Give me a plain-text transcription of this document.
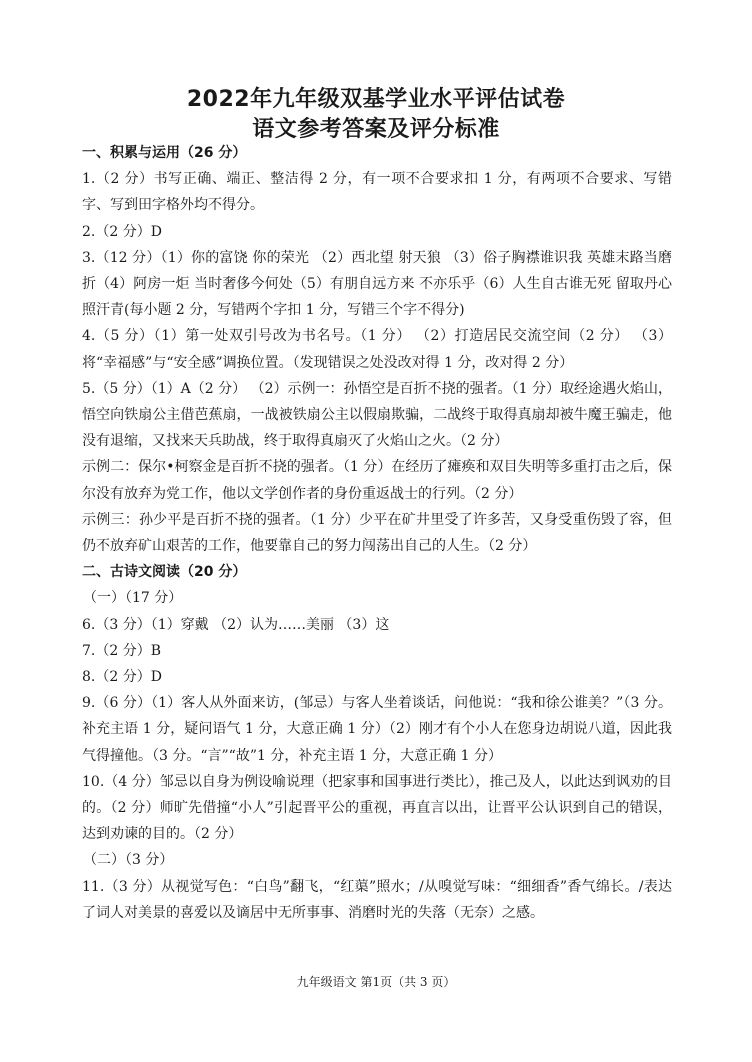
2022年九年级双基学业水平评估试卷
语文参考答案及评分标准

一、积累与运用（26 分）

1.（2 分）书写正确、端正、整洁得 2 分，有一项不合要求扣 1 分，有两项不合要求、写错字、写到田字格外均不得分。

2.（2 分）D

3.（12 分）（1）你的富饶 你的荣光 （2）西北望 射天狼 （3）俗子胸襟谁识我 英雄末路当磨折（4）阿房一炬 当时奢侈今何处（5）有朋自远方来 不亦乐乎（6）人生自古谁无死 留取丹心照汗青(每小题 2 分，写错两个字扣 1 分，写错三个字不得分)

4.（5 分）（1）第一处双引号改为书名号。（1 分） （2）打造居民交流空间（2 分） （3）将“幸福感”与“安全感”调换位置。（发现错误之处没改对得 1 分，改对得 2 分）

5.（5 分）（1）A（2 分） （2）示例一：孙悟空是百折不挠的强者。（1 分）取经途遇火焰山，悟空向铁扇公主借芭蕉扇，一战被铁扇公主以假扇欺骗，二战终于取得真扇却被牛魔王骗走，他没有退缩，又找来天兵助战，终于取得真扇灭了火焰山之火。（2 分）

示例二：保尔•柯察金是百折不挠的强者。（1 分）在经历了瘫痪和双目失明等多重打击之后，保尔没有放弃为党工作，他以文学创作者的身份重返战士的行列。（2 分）

示例三：孙少平是百折不挠的强者。（1 分）少平在矿井里受了许多苦，又身受重伤毁了容，但仍不放弃矿山艰苦的工作，他要靠自己的努力闯荡出自己的人生。（2 分）

二、古诗文阅读（20 分）

（一）（17 分）

6.（3 分）（1）穿戴 （2）认为……美丽 （3）这

7.（2 分）B

8.（2 分）D

9.（6 分）（1）客人从外面来访，(邹忌）与客人坐着谈话，问他说：“我和徐公谁美？”（3 分。补充主语 1 分，疑问语气 1 分，大意正确 1 分）（2）刚才有个小人在您身边胡说八道，因此我气得撞他。（3 分。“言”“故”1 分，补充主语 1 分，大意正确 1 分）

10.（4 分）邹忌以自身为例设喻说理（把家事和国事进行类比），推己及人，以此达到讽劝的目的。（2 分）师旷先借撞“小人”引起晋平公的重视，再直言以出，让晋平公认识到自己的错误，达到劝谏的目的。（2 分）

（二）（3 分）

11.（3 分）从视觉写色：“白鸟”翻飞，“红蕖”照水；/从嗅觉写味：“细细香”香气绵长。/表达了词人对美景的喜爱以及谪居中无所事事、消磨时光的失落（无奈）之感。

九年级语文 第1页（共 3 页）
